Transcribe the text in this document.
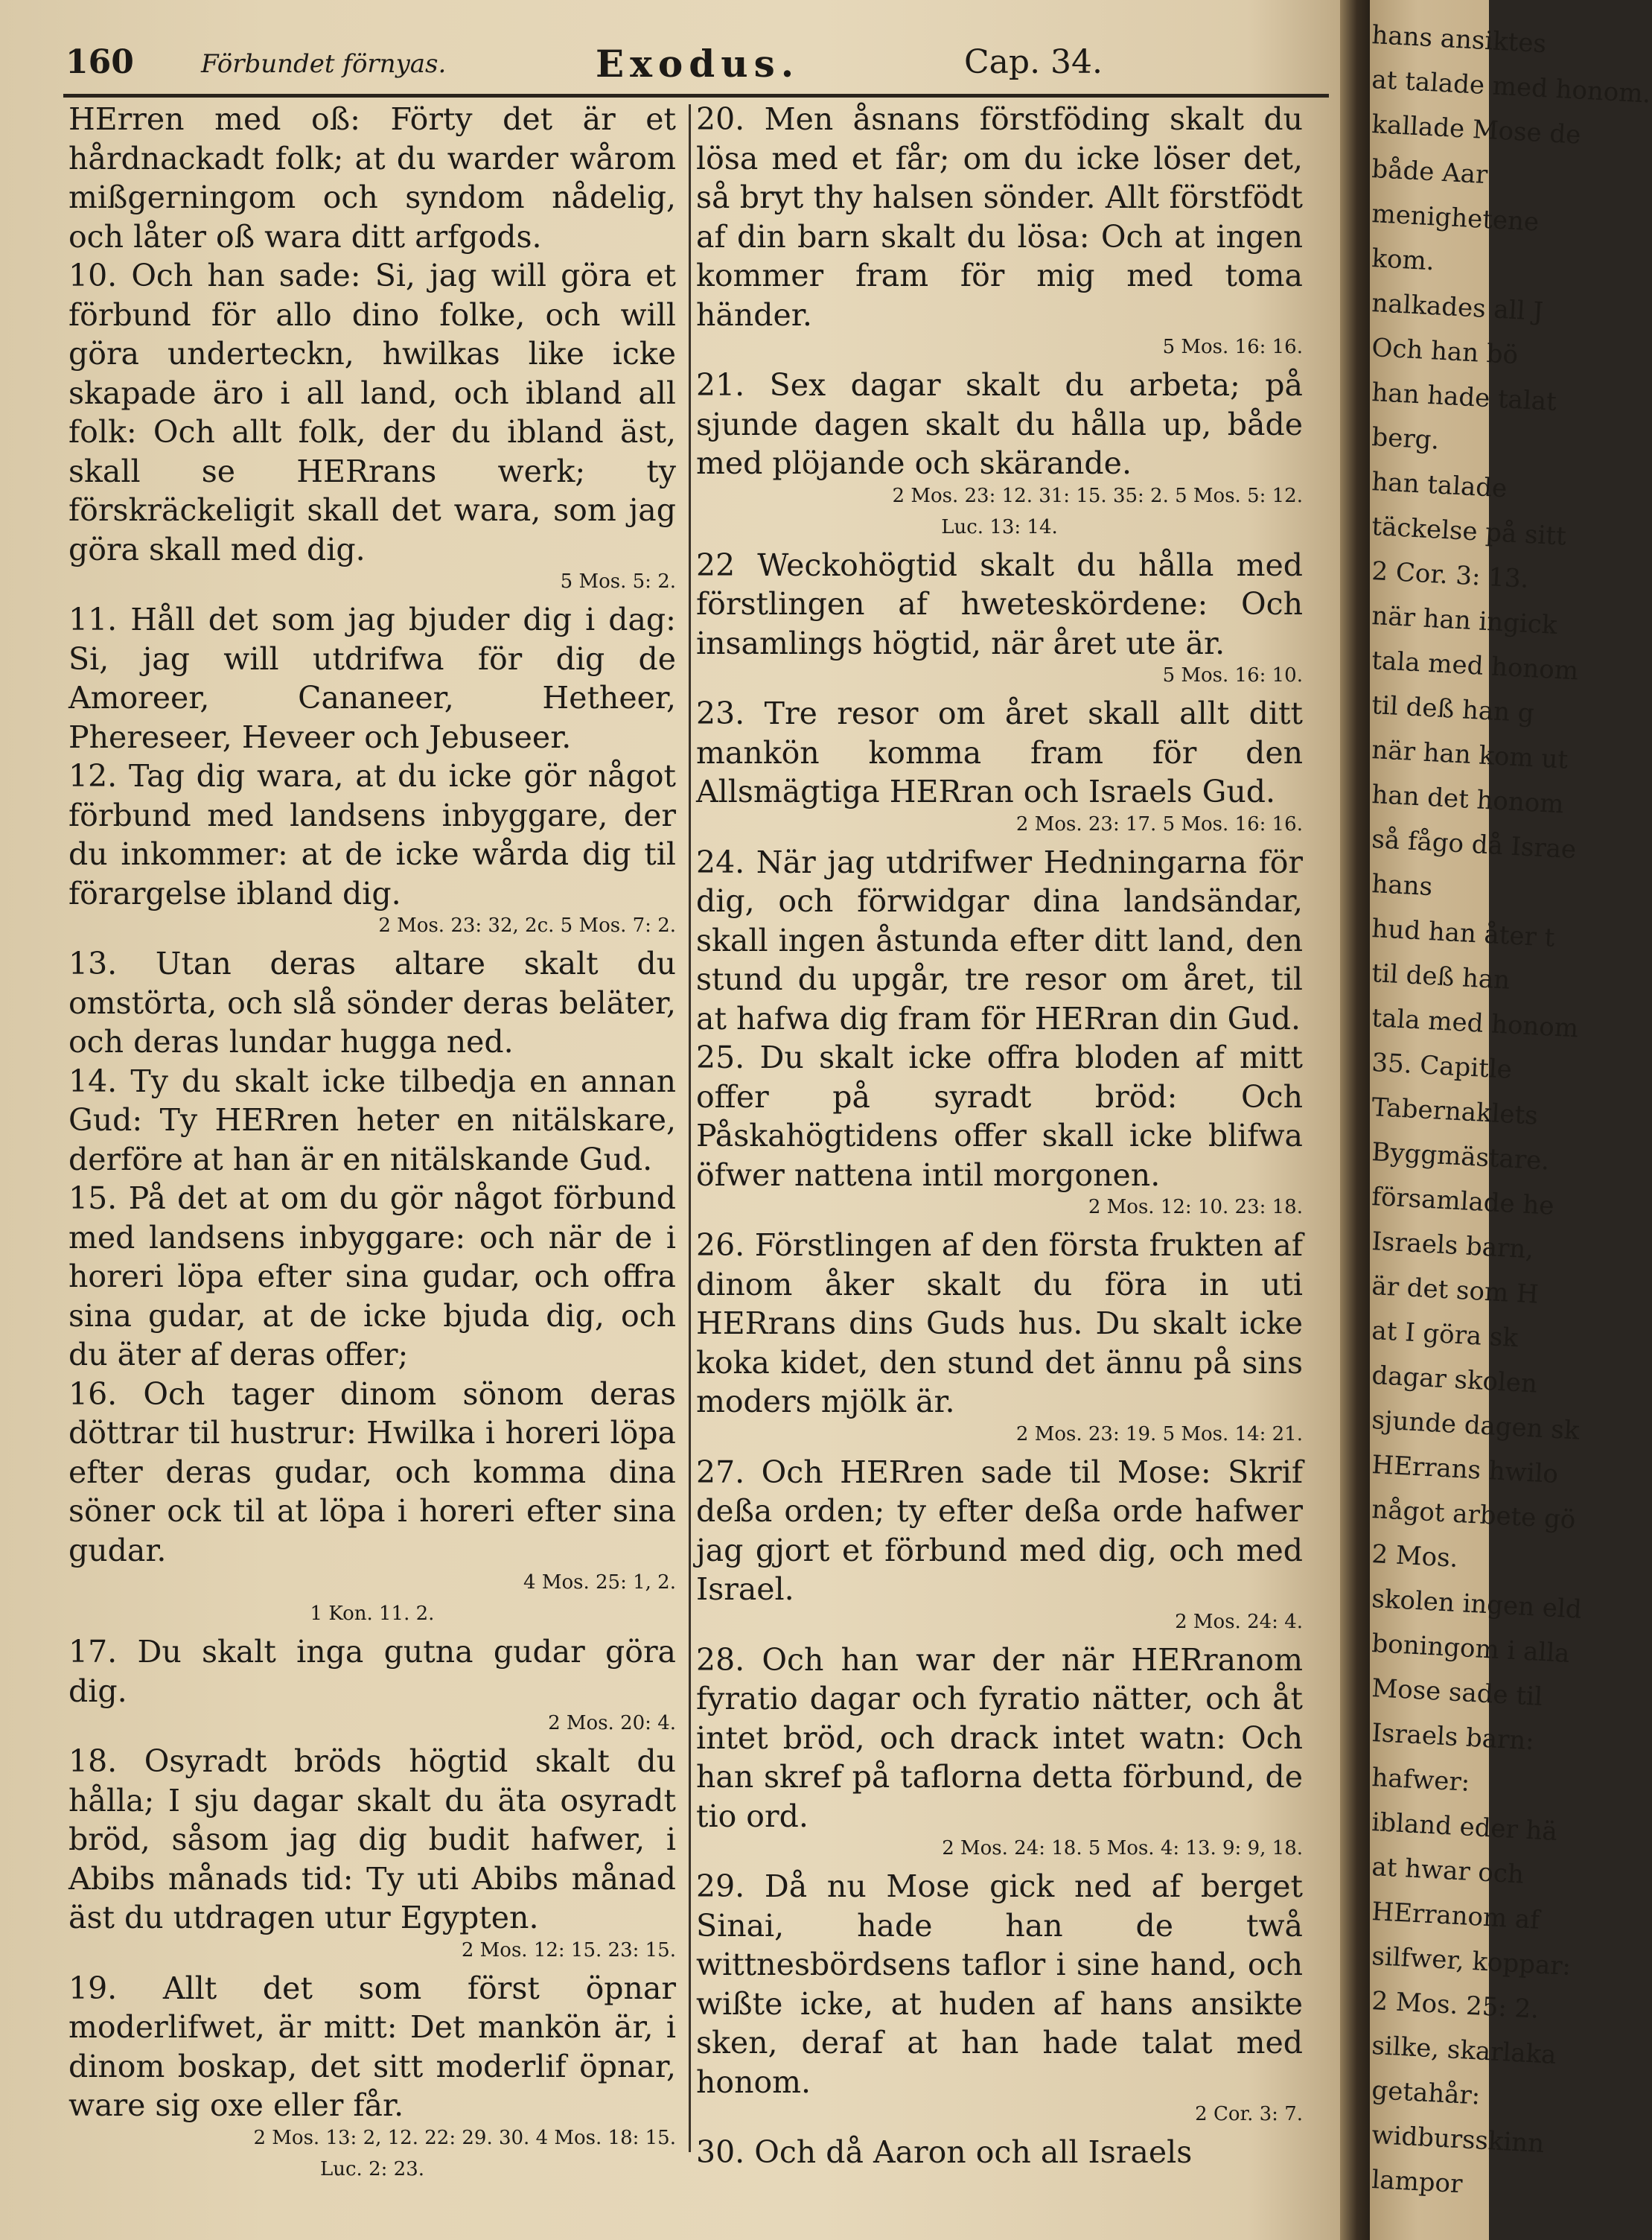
160	Förbundet förnyas.	Exodus.	Cap. 34.

HErren med oß: Förty det är et hårdnackadt folk; at du warder wårom mißgerningom och syndom nådelig, och låter oß wara ditt arfgods.

10. Och han sade: Si, jag will göra et förbund för allo dino folke, och will göra underteckn, hwilkas like icke skapade äro i all land, och ibland all folk: Och allt folk, der du ibland äst, skall se HERrans werk; ty förskräckeligit skall det wara, som jag göra skall med dig.

5 Mos. 5: 2.

11. Håll det som jag bjuder dig i dag: Si, jag will utdrifwa för dig de Amoreer, Cananeer, Hetheer, Phereseer, Heveer och Jebuseer.

12. Tag dig wara, at du icke gör något förbund med landsens inbyggare, der du inkommer: at de icke wårda dig til förargelse ibland dig.

2 Mos. 23: 32, 2c. 5 Mos. 7: 2.

13. Utan deras altare skalt du omstörta, och slå sönder deras beläter, och deras lundar hugga ned.

14. Ty du skalt icke tilbedja en annan Gud: Ty HERren heter en nitälskare, derföre at han är en nitälskande Gud.

15. På det at om du gör något förbund med landsens inbyggare: och när de i horeri löpa efter sina gudar, och offra sina gudar, at de icke bjuda dig, och du äter af deras offer;

16. Och tager dinom sönom deras döttrar til hustrur: Hwilka i horeri löpa efter deras gudar, och komma dina söner ock til at löpa i horeri efter sina gudar.

4 Mos. 25: 1, 2.

1 Kon. 11. 2.

17. Du skalt inga gutna gudar göra dig.

2 Mos. 20: 4.

18. Osyradt bröds högtid skalt du hålla; I sju dagar skalt du äta osyradt bröd, såsom jag dig budit hafwer, i Abibs månads tid: Ty uti Abibs månad äst du utdragen utur Egypten.

2 Mos. 12: 15. 23: 15.

19. Allt det som först öpnar moderlifwet, är mitt: Det mankön är, i dinom boskap, det sitt moderlif öpnar, ware sig oxe eller får.

2 Mos. 13: 2, 12. 22: 29. 30. 4 Mos. 18: 15.

Luc. 2: 23.

20. Men åsnans förstföding skalt du lösa med et får; om du icke löser det, så bryt thy halsen sönder. Allt förstfödt af din barn skalt du lösa: Och at ingen kommer fram för mig med toma händer.

5 Mos. 16: 16.

21. Sex dagar skalt du arbeta; på sjunde dagen skalt du hålla up, både med plöjande och skärande.

2 Mos. 23: 12. 31: 15. 35: 2. 5 Mos. 5: 12.

Luc. 13: 14.

22 Weckohögtid skalt du hålla med förstlingen af hweteskördene: Och insamlings högtid, när året ute är.

5 Mos. 16: 10.

23. Tre resor om året skall allt ditt mankön komma fram för den Allsmägtiga HERran och Israels Gud.

2 Mos. 23: 17. 5 Mos. 16: 16.

24. När jag utdrifwer Hedningarna för dig, och förwidgar dina landsändar, skall ingen åstunda efter ditt land, den stund du upgår, tre resor om året, til at hafwa dig fram för HERran din Gud.

25. Du skalt icke offra bloden af mitt offer på syradt bröd: Och Påskahögtidens offer skall icke blifwa öfwer nattena intil morgonen.

2 Mos. 12: 10. 23: 18.

26. Förstlingen af den första frukten af dinom åker skalt du föra in uti HERrans dins Guds hus. Du skalt icke koka kidet, den stund det ännu på sins moders mjölk är.

2 Mos. 23: 19. 5 Mos. 14: 21.

27. Och HERren sade til Mose: Skrif deßa orden; ty efter deßa orde hafwer jag gjort et förbund med dig, och med Israel.

2 Mos. 24: 4.

28. Och han war der när HERranom fyratio dagar och fyratio nätter, och åt intet bröd, och drack intet watn: Och han skref på taflorna detta förbund, de tio ord.

2 Mos. 24: 18. 5 Mos. 4: 13. 9: 9, 18.

29. Då nu Mose gick ned af berget Sinai, hade han de twå wittnesbördsens taflor i sine hand, och wißte icke, at huden af hans ansikte sken, deraf at han hade talat med honom.

2 Cor. 3: 7.

30. Och då Aaron och all Israels

hans ansiktes
at talade med honom.
kallade Mose de
både Aar
menighetene
kom.
nalkades all J
Och han bö
han hade talat
berg.
han talade
täckelse på sitt
2 Cor. 3: 13.
när han ingick
tala med honom
til deß han g
när han kom ut
han det honom
så fågo då Israe
hans
hud han åter t
til deß han
tala med honom
35. Capitle
Tabernaklets
Byggmästare.
församlade he
Israels barn,
är det som H
at I göra sk
dagar skolen
sjunde dagen sk
HErrans hwilo
något arbete gö
2 Mos.
skolen ingen eld
boningom i alla
Mose sade til
Israels barn:
hafwer:
ibland eder hä
at hwar och
HErranom af
silfwer, koppar:
2 Mos. 25: 2.
silke, skarlaka
getahår:
widbursskinn
lampor
